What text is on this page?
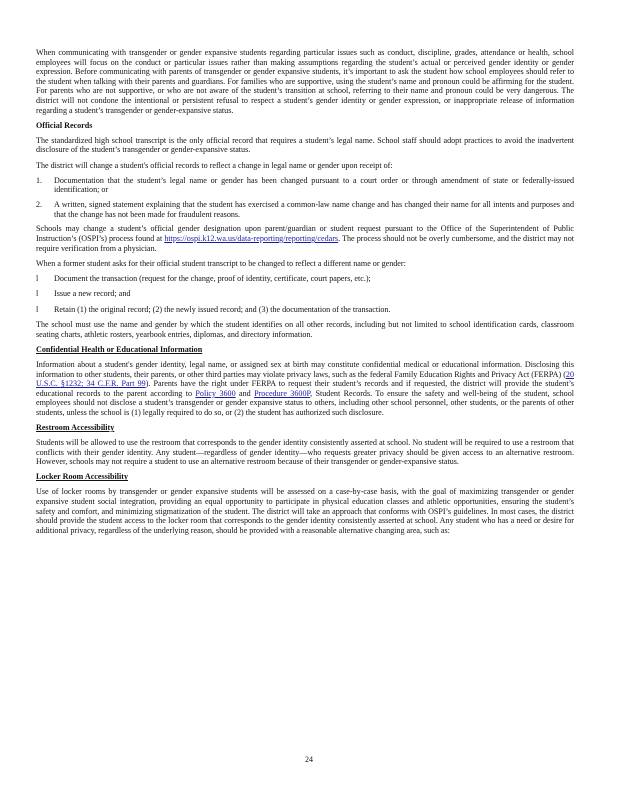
When communicating with transgender or gender expansive students regarding particular issues such as conduct, discipline, grades, attendance or health, school employees will focus on the conduct or particular issues rather than making assumptions regarding the student’s actual or perceived gender identity or gender expression. Before communicating with parents of transgender or gender expansive students, it’s important to ask the student how school employees should refer to the student when talking with their parents and guardians. For families who are supportive, using the student’s name and pronoun could be affirming for the student. For parents who are not supportive, or who are not aware of the student’s transition at school, referring to their name and pronoun could be very dangerous. The district will not condone the intentional or persistent refusal to respect a student’s gender identity or gender expression, or inappropriate release of information regarding a student’s transgender or gender-expansive status.

Official Records

The standardized high school transcript is the only official record that requires a student’s legal name. School staff should adopt practices to avoid the inadvertent disclosure of the student’s transgender or gender-expansive status.

The district will change a student's official records to reflect a change in legal name or gender upon receipt of:

1.	Documentation that the student’s legal name or gender has been changed pursuant to a court order or through amendment of state or federally-issued identification; or
2.	A written, signed statement explaining that the student has exercised a common-law name change and has changed their name for all intents and purposes and that the change has not been made for fraudulent reasons.

Schools may change a student’s official gender designation upon parent/guardian or student request pursuant to the Office of the Superintendent of Public Instruction’s (OSPI’s) process found at https://ospi.k12.wa.us/data-reporting/reporting/cedars. The process should not be overly cumbersome, and the district may not require verification from a physician.

When a former student asks for their official student transcript to be changed to reflect a different name or gender:

l	Document the transaction (request for the change, proof of identity, certificate, court papers, etc.);
l	Issue a new record; and
l	Retain (1) the original record; (2) the newly issued record; and (3) the documentation of the transaction.

The school must use the name and gender by which the student identifies on all other records, including but not limited to school identification cards, classroom seating charts, athletic rosters, yearbook entries, diplomas, and directory information.

Confidential Health or Educational Information

Information about a student's gender identity, legal name, or assigned sex at birth may constitute confidential medical or educational information. Disclosing this information to other students, their parents, or other third parties may violate privacy laws, such as the federal Family Education Rights and Privacy Act (FERPA) (20 U.S.C. §1232; 34 C.F.R. Part 99). Parents have the right under FERPA to request their student’s records and if requested, the district will provide the student’s educational records to the parent according to Policy 3600 and Procedure 3600P, Student Records. To ensure the safety and well-being of the student, school employees should not disclose a student’s transgender or gender expansive status to others, including other school personnel, other students, or the parents of other students, unless the school is (1) legally required to do so, or (2) the student has authorized such disclosure.

Restroom Accessibility

Students will be allowed to use the restroom that corresponds to the gender identity consistently asserted at school. No student will be required to use a restroom that conflicts with their gender identity. Any student—regardless of gender identity—who requests greater privacy should be given access to an alternative restroom. However, schools may not require a student to use an alternative restroom because of their transgender or gender-expansive status.

Locker Room Accessibility

Use of locker rooms by transgender or gender expansive students will be assessed on a case-by-case basis, with the goal of maximizing transgender or gender expansive student social integration, providing an equal opportunity to participate in physical education classes and athletic opportunities, ensuring the student’s safety and comfort, and minimizing stigmatization of the student. The district will take an approach that conforms with OSPI’s guidelines. In most cases, the district should provide the student access to the locker room that corresponds to the gender identity consistently asserted at school. Any student who has a need or desire for additional privacy, regardless of the underlying reason, should be provided with a reasonable alternative changing area, such as:

24
